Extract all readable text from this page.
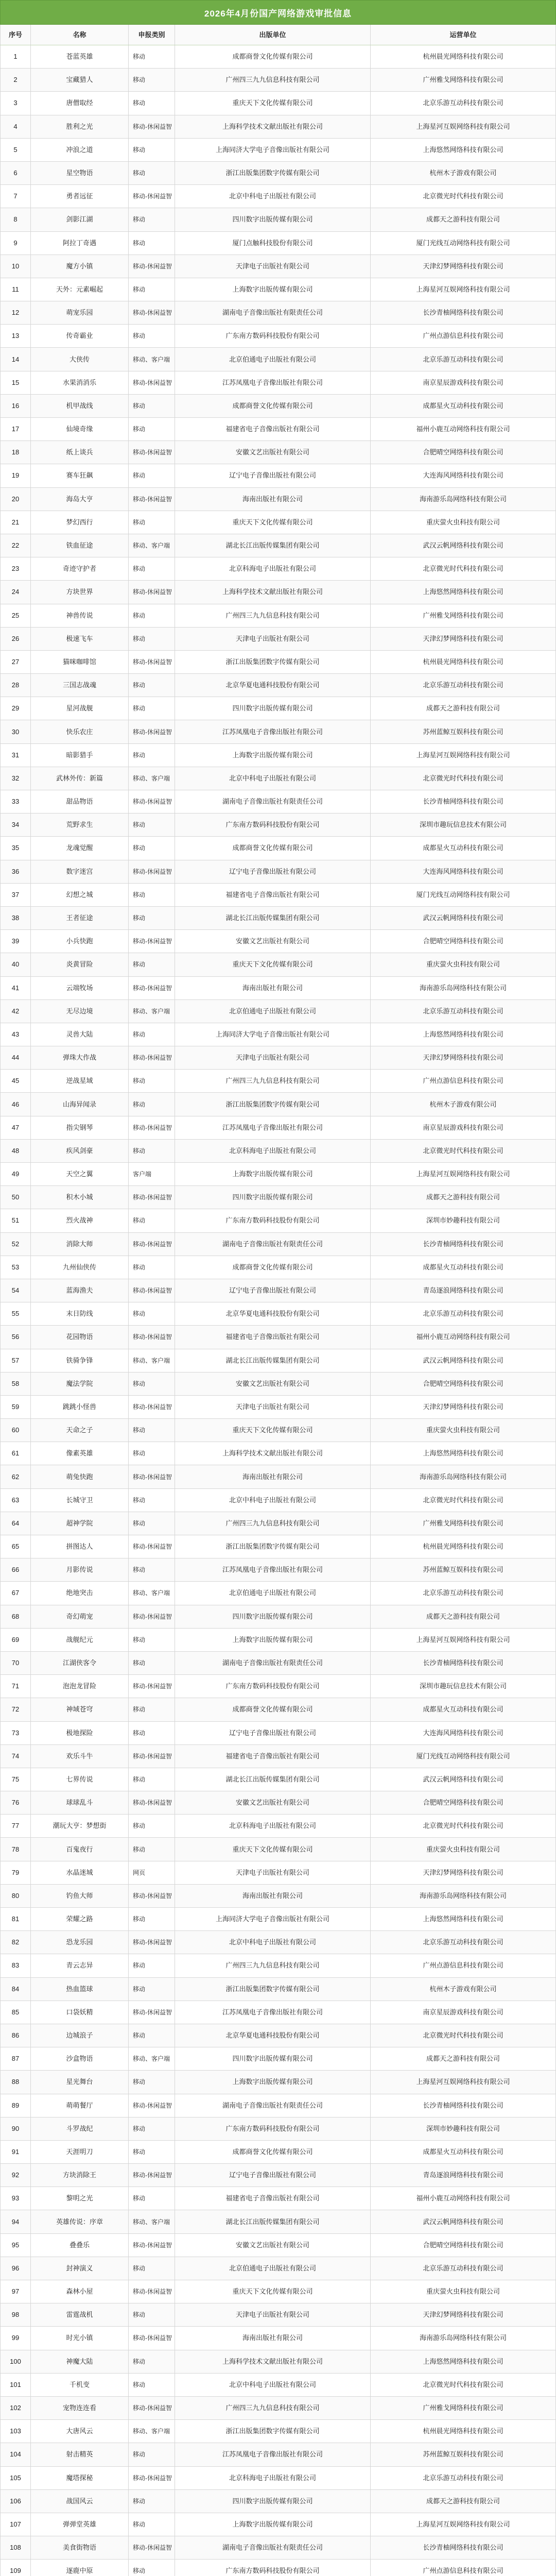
2026年4月份国产网络游戏审批信息
序号	名称	申报类别	出版单位	运营单位
1	苍蓝英雄	移动	成都商誉文化传媒有限公司	杭州晨光网络科技有限公司
2	宝藏猎人	移动	广州四三九九信息科技有限公司	广州雅戈网络科技有限公司
3	唐僧取经	移动	重庆天下文化传媒有限公司	北京乐游互动科技有限公司
4	胜利之光	移动-休闲益智	上海科学技术文献出版社有限公司	上海星河互娱网络科技有限公司
5	冲浪之道	移动	上海同济大学电子音像出版社有限公司	上海悠然网络科技有限公司
6	星空物语	移动	浙江出版集团数字传媒有限公司	杭州木子游戏有限公司
7	勇者远征	移动-休闲益智	北京中科电子出版社有限公司	北京微光时代科技有限公司
8	剑影江湖	移动	四川数字出版传媒有限公司	成都天之游科技有限公司
9	阿拉丁奇遇	移动	厦门点触科技股份有限公司	厦门光线互动网络科技有限公司
10	魔方小镇	移动-休闲益智	天津电子出版社有限公司	天津幻梦网络科技有限公司
11	天外：元素崛起	移动	上海数字出版传媒有限公司	上海星河互娱网络科技有限公司
12	萌宠乐园	移动-休闲益智	湖南电子音像出版社有限责任公司	长沙青柚网络科技有限公司
13	传奇霸业	移动	广东南方数码科技股份有限公司	广州点游信息科技有限公司
14	大侠传	移动、客户端	北京伯通电子出版社有限公司	北京乐游互动科技有限公司
15	水果消消乐	移动-休闲益智	江苏凤凰电子音像出版社有限公司	南京星辰游戏科技有限公司
16	机甲战线	移动	成都商誉文化传媒有限公司	成都星火互动科技有限公司
17	仙境奇缘	移动	福建省电子音像出版社有限公司	福州小鹿互动网络科技有限公司
18	纸上谈兵	移动-休闲益智	安徽文艺出版社有限公司	合肥晴空网络科技有限公司
19	赛车狂飙	移动	辽宁电子音像出版社有限公司	大连海风网络科技有限公司
20	海岛大亨	移动-休闲益智	海南出版社有限公司	海南游乐岛网络科技有限公司
21	梦幻西行	移动	重庆天下文化传媒有限公司	重庆萤火虫科技有限公司
22	铁血征途	移动、客户端	湖北长江出版传媒集团有限公司	武汉云帆网络科技有限公司
23	奇迹守护者	移动	北京科海电子出版社有限公司	北京微光时代科技有限公司
24	方块世界	移动-休闲益智	上海科学技术文献出版社有限公司	上海悠然网络科技有限公司
25	神兽传说	移动	广州四三九九信息科技有限公司	广州雅戈网络科技有限公司
26	极速飞车	移动	天津电子出版社有限公司	天津幻梦网络科技有限公司
27	猫咪咖啡馆	移动-休闲益智	浙江出版集团数字传媒有限公司	杭州晨光网络科技有限公司
28	三国志战魂	移动	北京华夏电通科技股份有限公司	北京乐游互动科技有限公司
29	星河战舰	移动	四川数字出版传媒有限公司	成都天之游科技有限公司
30	快乐农庄	移动-休闲益智	江苏凤凰电子音像出版社有限公司	苏州蓝鲸互娱科技有限公司
31	暗影猎手	移动	上海数字出版传媒有限公司	上海星河互娱网络科技有限公司
32	武林外传：新篇	移动、客户端	北京中科电子出版社有限公司	北京微光时代科技有限公司
33	甜品物语	移动-休闲益智	湖南电子音像出版社有限责任公司	长沙青柚网络科技有限公司
34	荒野求生	移动	广东南方数码科技股份有限公司	深圳市趣玩信息技术有限公司
35	龙魂觉醒	移动	成都商誉文化传媒有限公司	成都星火互动科技有限公司
36	数字迷宫	移动-休闲益智	辽宁电子音像出版社有限公司	大连海风网络科技有限公司
37	幻想之城	移动	福建省电子音像出版社有限公司	厦门光线互动网络科技有限公司
38	王者征途	移动	湖北长江出版传媒集团有限公司	武汉云帆网络科技有限公司
39	小兵快跑	移动-休闲益智	安徽文艺出版社有限公司	合肥晴空网络科技有限公司
40	炎黄冒险	移动	重庆天下文化传媒有限公司	重庆萤火虫科技有限公司
41	云端牧场	移动-休闲益智	海南出版社有限公司	海南游乐岛网络科技有限公司
42	无尽边境	移动、客户端	北京伯通电子出版社有限公司	北京乐游互动科技有限公司
43	灵兽大陆	移动	上海同济大学电子音像出版社有限公司	上海悠然网络科技有限公司
44	弹珠大作战	移动-休闲益智	天津电子出版社有限公司	天津幻梦网络科技有限公司
45	逆战星域	移动	广州四三九九信息科技有限公司	广州点游信息科技有限公司
46	山海异闻录	移动	浙江出版集团数字传媒有限公司	杭州木子游戏有限公司
47	指尖钢琴	移动-休闲益智	江苏凤凰电子音像出版社有限公司	南京星辰游戏科技有限公司
48	疾风剑豪	移动	北京科海电子出版社有限公司	北京微光时代科技有限公司
49	天空之翼	客户端	上海数字出版传媒有限公司	上海星河互娱网络科技有限公司
50	积木小城	移动-休闲益智	四川数字出版传媒有限公司	成都天之游科技有限公司
51	烈火战神	移动	广东南方数码科技股份有限公司	深圳市妙趣科技有限公司
52	消除大师	移动-休闲益智	湖南电子音像出版社有限责任公司	长沙青柚网络科技有限公司
53	九州仙侠传	移动	成都商誉文化传媒有限公司	成都星火互动科技有限公司
54	蓝海渔夫	移动-休闲益智	辽宁电子音像出版社有限公司	青岛逐浪网络科技有限公司
55	末日防线	移动	北京华夏电通科技股份有限公司	北京乐游互动科技有限公司
56	花园物语	移动-休闲益智	福建省电子音像出版社有限公司	福州小鹿互动网络科技有限公司
57	铁骑争锋	移动、客户端	湖北长江出版传媒集团有限公司	武汉云帆网络科技有限公司
58	魔法学院	移动	安徽文艺出版社有限公司	合肥晴空网络科技有限公司
59	跳跳小怪兽	移动-休闲益智	天津电子出版社有限公司	天津幻梦网络科技有限公司
60	天命之子	移动	重庆天下文化传媒有限公司	重庆萤火虫科技有限公司
61	像素英雄	移动	上海科学技术文献出版社有限公司	上海悠然网络科技有限公司
62	萌兔快跑	移动-休闲益智	海南出版社有限公司	海南游乐岛网络科技有限公司
63	长城守卫	移动	北京中科电子出版社有限公司	北京微光时代科技有限公司
64	超神学院	移动	广州四三九九信息科技有限公司	广州雅戈网络科技有限公司
65	拼图达人	移动-休闲益智	浙江出版集团数字传媒有限公司	杭州晨光网络科技有限公司
66	月影传说	移动	江苏凤凰电子音像出版社有限公司	苏州蓝鲸互娱科技有限公司
67	绝地突击	移动、客户端	北京伯通电子出版社有限公司	北京乐游互动科技有限公司
68	奇幻萌宠	移动-休闲益智	四川数字出版传媒有限公司	成都天之游科技有限公司
69	战舰纪元	移动	上海数字出版传媒有限公司	上海星河互娱网络科技有限公司
70	江湖侠客令	移动	湖南电子音像出版社有限责任公司	长沙青柚网络科技有限公司
71	泡泡龙冒险	移动-休闲益智	广东南方数码科技股份有限公司	深圳市趣玩信息技术有限公司
72	神域苍穹	移动	成都商誉文化传媒有限公司	成都星火互动科技有限公司
73	极地探险	移动	辽宁电子音像出版社有限公司	大连海风网络科技有限公司
74	欢乐斗牛	移动-休闲益智	福建省电子音像出版社有限公司	厦门光线互动网络科技有限公司
75	七界传说	移动	湖北长江出版传媒集团有限公司	武汉云帆网络科技有限公司
76	球球乱斗	移动-休闲益智	安徽文艺出版社有限公司	合肥晴空网络科技有限公司
77	潮玩大亨：梦想街	移动	北京科海电子出版社有限公司	北京微光时代科技有限公司
78	百鬼夜行	移动	重庆天下文化传媒有限公司	重庆萤火虫科技有限公司
79	水晶迷城	网页	天津电子出版社有限公司	天津幻梦网络科技有限公司
80	钓鱼大师	移动-休闲益智	海南出版社有限公司	海南游乐岛网络科技有限公司
81	荣耀之路	移动	上海同济大学电子音像出版社有限公司	上海悠然网络科技有限公司
82	恐龙乐园	移动-休闲益智	北京中科电子出版社有限公司	北京乐游互动科技有限公司
83	青云志异	移动	广州四三九九信息科技有限公司	广州点游信息科技有限公司
84	热血篮球	移动	浙江出版集团数字传媒有限公司	杭州木子游戏有限公司
85	口袋妖精	移动-休闲益智	江苏凤凰电子音像出版社有限公司	南京星辰游戏科技有限公司
86	边城浪子	移动	北京华夏电通科技股份有限公司	北京微光时代科技有限公司
87	沙盒物语	移动、客户端	四川数字出版传媒有限公司	成都天之游科技有限公司
88	星光舞台	移动	上海数字出版传媒有限公司	上海星河互娱网络科技有限公司
89	萌萌餐厅	移动-休闲益智	湖南电子音像出版社有限责任公司	长沙青柚网络科技有限公司
90	斗罗战纪	移动	广东南方数码科技股份有限公司	深圳市妙趣科技有限公司
91	天涯明刀	移动	成都商誉文化传媒有限公司	成都星火互动科技有限公司
92	方块消除王	移动-休闲益智	辽宁电子音像出版社有限公司	青岛逐浪网络科技有限公司
93	黎明之光	移动	福建省电子音像出版社有限公司	福州小鹿互动网络科技有限公司
94	英雄传说：序章	移动、客户端	湖北长江出版传媒集团有限公司	武汉云帆网络科技有限公司
95	叠叠乐	移动-休闲益智	安徽文艺出版社有限公司	合肥晴空网络科技有限公司
96	封神演义	移动	北京伯通电子出版社有限公司	北京乐游互动科技有限公司
97	森林小屋	移动-休闲益智	重庆天下文化传媒有限公司	重庆萤火虫科技有限公司
98	雷霆战机	移动	天津电子出版社有限公司	天津幻梦网络科技有限公司
99	时光小镇	移动-休闲益智	海南出版社有限公司	海南游乐岛网络科技有限公司
100	神魔大陆	移动	上海科学技术文献出版社有限公司	上海悠然网络科技有限公司
101	千机变	移动	北京中科电子出版社有限公司	北京微光时代科技有限公司
102	宠物连连看	移动-休闲益智	广州四三九九信息科技有限公司	广州雅戈网络科技有限公司
103	大唐风云	移动、客户端	浙江出版集团数字传媒有限公司	杭州晨光网络科技有限公司
104	射击精英	移动	江苏凤凰电子音像出版社有限公司	苏州蓝鲸互娱科技有限公司
105	魔塔探秘	移动-休闲益智	北京科海电子出版社有限公司	北京乐游互动科技有限公司
106	战国风云	移动	四川数字出版传媒有限公司	成都天之游科技有限公司
107	弹弹堂英雄	移动	上海数字出版传媒有限公司	上海星河互娱网络科技有限公司
108	美食街物语	移动-休闲益智	湖南电子音像出版社有限责任公司	长沙青柚网络科技有限公司
109	逐鹿中原	移动	广东南方数码科技股份有限公司	广州点游信息科技有限公司
